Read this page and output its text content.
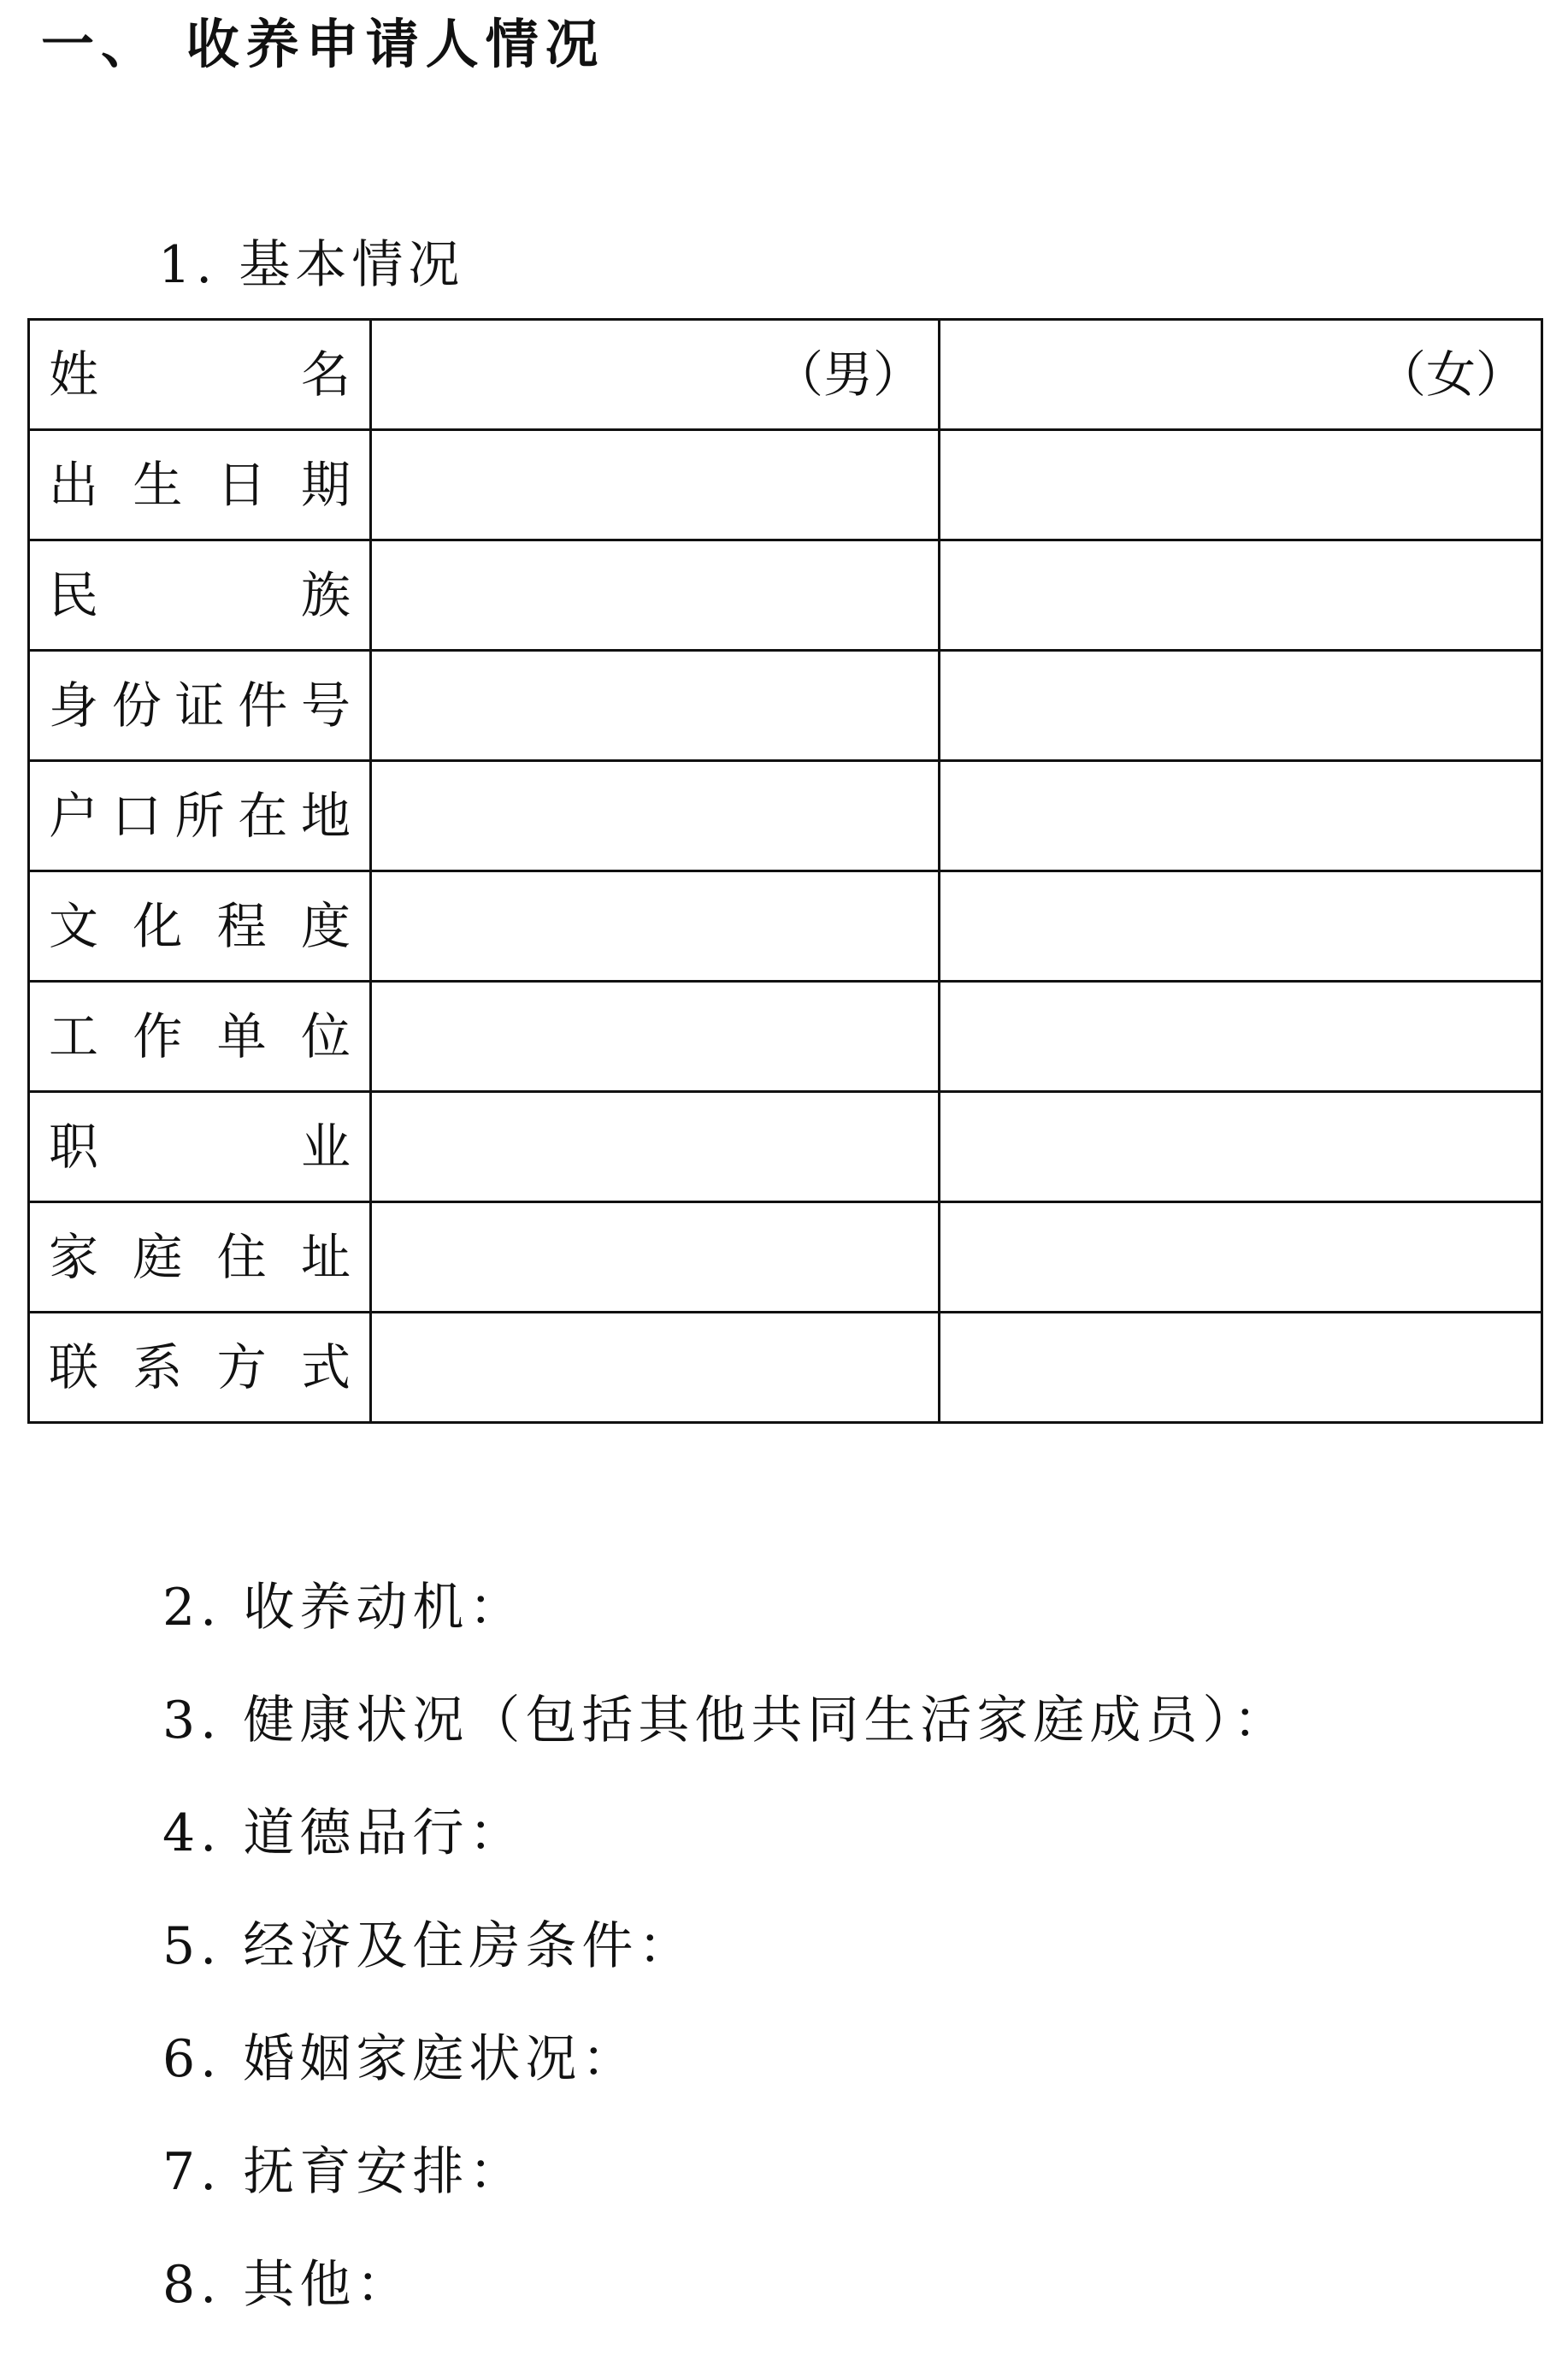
一、 收养申请人情况
1. 基本情况
姓 名	（男）	（女）

出 生 日 期		

民 族		

身 份 证 件 号		

户 口 所 在 地		

文 化 程 度		

工 作 单 位		

职 业		

家 庭 住 址		

联 系 方 式		

2. 收养动机：
3. 健康状况（包括其他共同生活家庭成员）：
4. 道德品行：
5. 经济及住房条件：
6. 婚姻家庭状况：
7. 抚育安排：
8. 其他：
